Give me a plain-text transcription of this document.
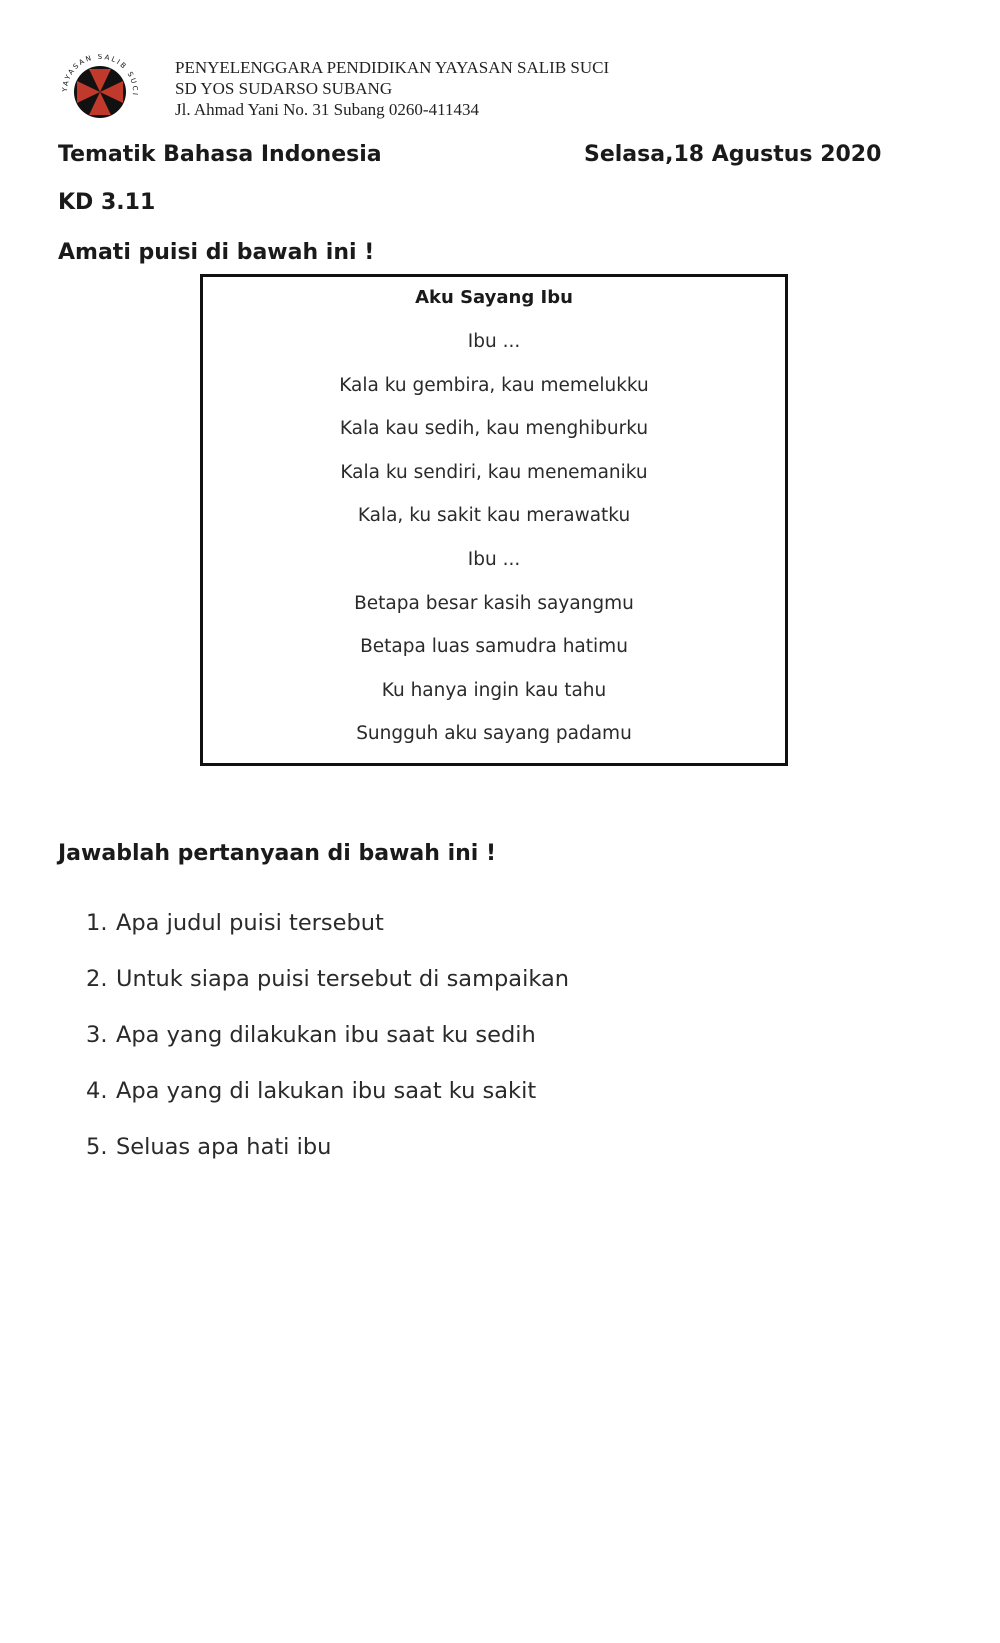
AYASAN SALIB SU
PENYELENGGARA PENDIDIKAN YAYASAN SALIB SUCI
SD YOS SUDARSO SUBANG
Jl. Ahmad Yani No. 31 Subang 0260-411434
Tematik Bahasa Indonesia	Selasa,18 Agustus 2020
KD 3.11
Amati puisi di bawah ini !
Aku Sayang Ibu
Ibu ...
Kala ku gembira, kau memelukku
Kala kau sedih, kau menghiburku
Kala ku sendiri, kau menemaniku
Kala, ku sakit kau merawatku
Ibu ...
Betapa besar kasih sayangmu
Betapa luas samudra hatimu
Ku hanya ingin kau tahu
Sungguh aku sayang padamu
Jawablah pertanyaan di bawah ini !
1. Apa judul puisi tersebut
2. Untuk siapa puisi tersebut di sampaikan
3. Apa yang dilakukan ibu saat ku sedih
4. Apa yang di lakukan ibu saat ku sakit
5. Seluas apa hati ibu
